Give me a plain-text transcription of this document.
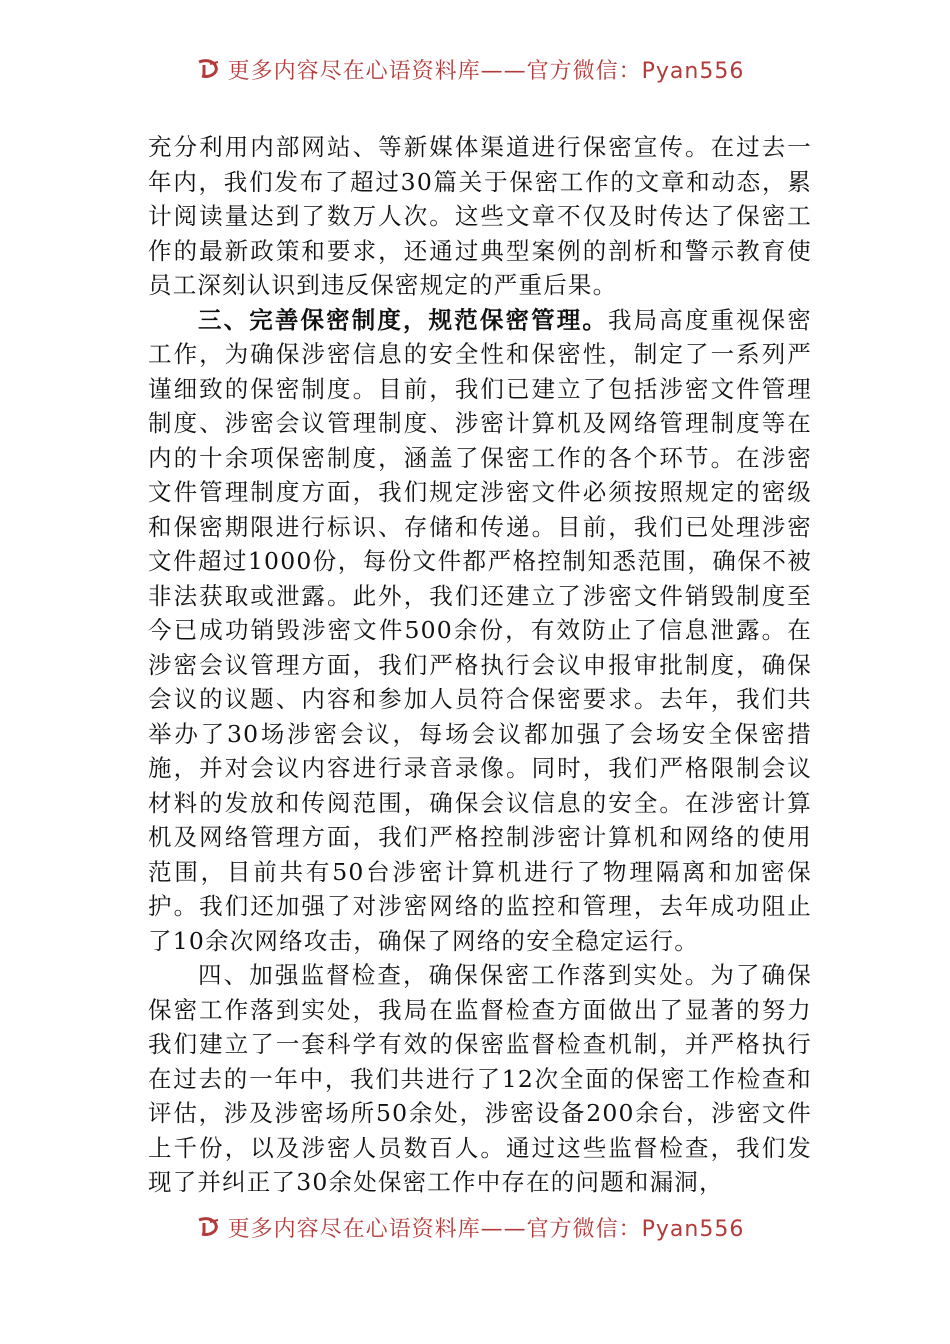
更多内容尽在心语资料库——官方微信：Pyan556

充分利用内部网站、等新媒体渠道进行保密宣传。在过去一年内，我们发布了超过30篇关于保密工作的文章和动态，累计阅读量达到了数万人次。这些文章不仅及时传达了保密工作的最新政策和要求，还通过典型案例的剖析和警示教育使员工深刻认识到违反保密规定的严重后果。

三、完善保密制度，规范保密管理。我局高度重视保密工作，为确保涉密信息的安全性和保密性，制定了一系列严谨细致的保密制度。目前，我们已建立了包括涉密文件管理制度、涉密会议管理制度、涉密计算机及网络管理制度等在内的十余项保密制度，涵盖了保密工作的各个环节。在涉密文件管理制度方面，我们规定涉密文件必须按照规定的密级和保密期限进行标识、存储和传递。目前，我们已处理涉密文件超过1000份，每份文件都严格控制知悉范围，确保不被非法获取或泄露。此外，我们还建立了涉密文件销毁制度至今已成功销毁涉密文件500余份，有效防止了信息泄露。在涉密会议管理方面，我们严格执行会议申报审批制度，确保会议的议题、内容和参加人员符合保密要求。去年，我们共举办了30场涉密会议，每场会议都加强了会场安全保密措施，并对会议内容进行录音录像。同时，我们严格限制会议材料的发放和传阅范围，确保会议信息的安全。在涉密计算机及网络管理方面，我们严格控制涉密计算机和网络的使用范围，目前共有50台涉密计算机进行了物理隔离和加密保护。我们还加强了对涉密网络的监控和管理，去年成功阻止了10余次网络攻击，确保了网络的安全稳定运行。

四、加强监督检查，确保保密工作落到实处。为了确保保密工作落到实处，我局在监督检查方面做出了显著的努力我们建立了一套科学有效的保密监督检查机制，并严格执行在过去的一年中，我们共进行了12次全面的保密工作检查和评估，涉及涉密场所50余处，涉密设备200余台，涉密文件上千份，以及涉密人员数百人。通过这些监督检查，我们发现了并纠正了30余处保密工作中存在的问题和漏洞，

更多内容尽在心语资料库——官方微信：Pyan556
